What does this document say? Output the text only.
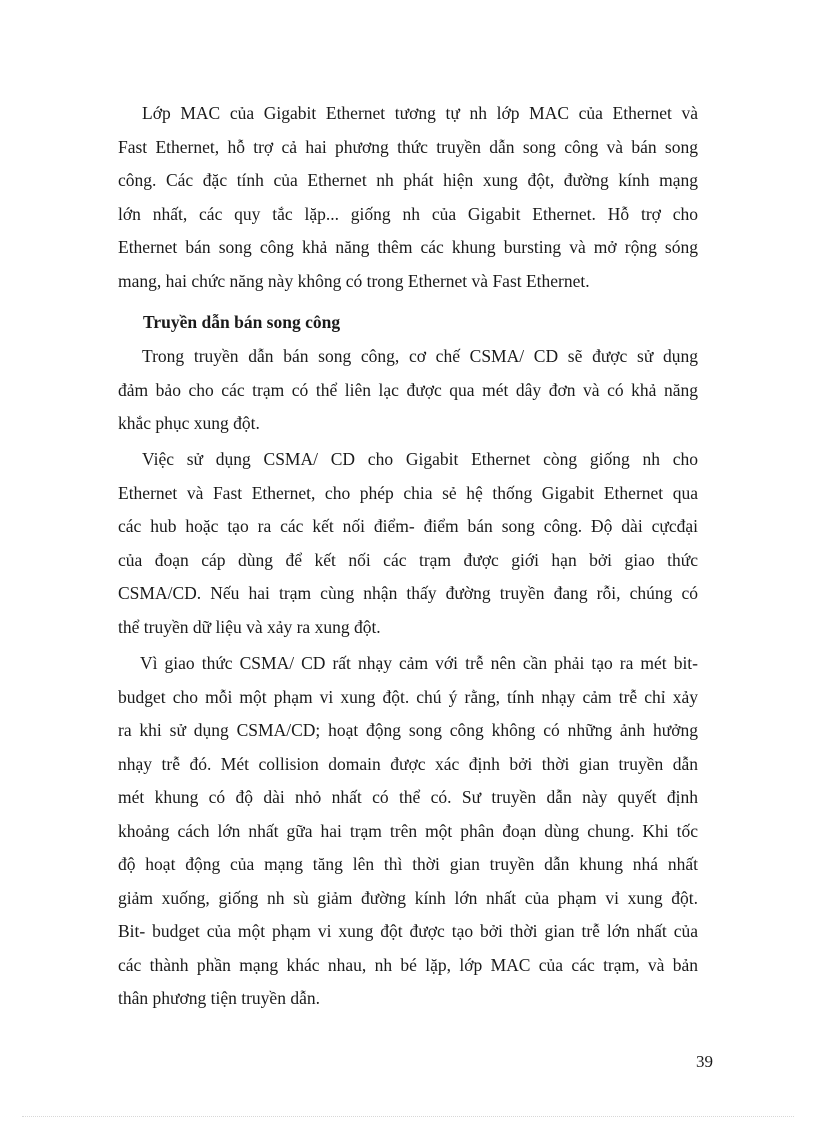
Lớp MAC của Gigabit Ethernet tương tự nh lớp MAC của Ethernet và
Fast Ethernet, hỗ trợ cả hai phương thức truyền dẫn song công và bán song
công. Các đặc tính của Ethernet nh phát hiện xung đột, đường kính mạng
lớn nhất, các quy tắc lặp... giống nh của Gigabit Ethernet. Hỗ trợ cho
Ethernet bán song công khả năng thêm các khung bursting và mở rộng sóng
mang, hai chức năng này không có trong Ethernet và Fast Ethernet.

Truyền dẫn bán song công

Trong truyền dẫn bán song công, cơ chế CSMA/ CD sẽ được sử dụng
đảm bảo cho các trạm có thể liên lạc được qua mét dây đơn và có khả năng
khắc phục xung đột.

Việc sử dụng CSMA/ CD cho Gigabit Ethernet còng giống nh cho
Ethernet và Fast Ethernet, cho phép chia sẻ hệ thống Gigabit Ethernet qua
các hub hoặc tạo ra các kết nối điểm- điểm bán song công. Độ dài cựcđại
của đoạn cáp dùng để kết nối các trạm được giới hạn bởi giao thức
CSMA/CD. Nếu hai trạm cùng nhận thấy đường truyền đang rỗi, chúng có
thể truyền dữ liệu và xảy ra xung đột.

Vì giao thức CSMA/ CD rất nhạy cảm với trễ nên cần phải tạo ra mét bit-
budget cho mỗi một phạm vi xung đột. chú ý rằng, tính nhạy cảm trễ chỉ xảy
ra khi sử dụng CSMA/CD; hoạt động song công không có những ảnh hưởng
nhạy trễ đó. Mét collision domain được xác định bởi thời gian truyền dẫn
mét khung có độ dài nhỏ nhất có thể có. Sư truyền dẫn này quyết định
khoảng cách lớn nhất gữa hai trạm trên một phân đoạn dùng chung. Khi tốc
độ hoạt động của mạng tăng lên thì thời gian truyền dẫn khung nhá nhất
giảm xuống, giống nh sù giảm đường kính lớn nhất của phạm vi xung đột.
Bit- budget của một phạm vi xung đột được tạo bởi thời gian trễ lớn nhất của
các thành phần mạng khác nhau, nh bé lặp, lớp MAC của các trạm, và bản
thân phương tiện truyền dẫn.

39
